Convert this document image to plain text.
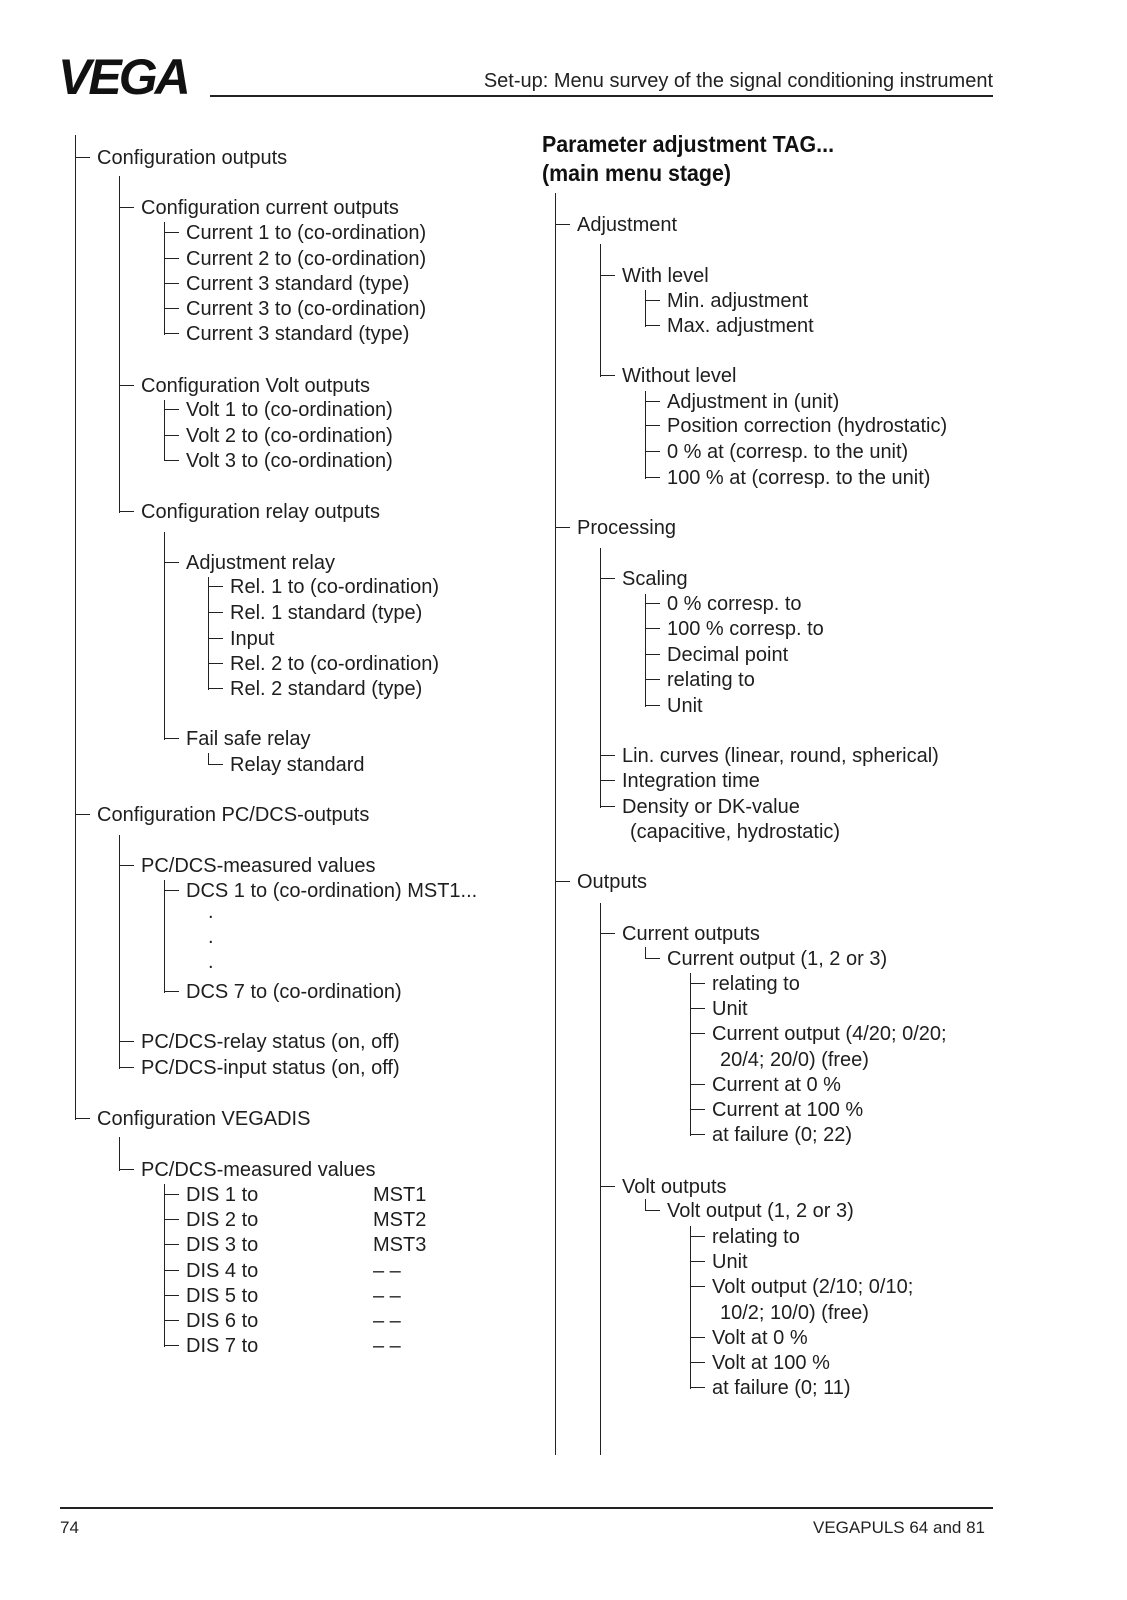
VEGA	Set-up: Menu survey of the signal conditioning instrument
Parameter adjustment TAG...
(main menu stage)
Configuration outputs
Configuration current outputs
Current 1 to (co-ordination)
Current 2 to (co-ordination)
Current 3 standard (type)
Current 3 to (co-ordination)
Current 3 standard (type)
Configuration Volt outputs
Volt 1 to (co-ordination)
Volt 2 to (co-ordination)
Volt 3 to (co-ordination)
Configuration relay outputs
Adjustment relay
Rel. 1 to (co-ordination)
Rel. 1 standard (type)
Input
Rel. 2 to (co-ordination)
Rel. 2 standard (type)
Fail safe relay
Relay standard
Configuration PC/DCS-outputs
PC/DCS-measured values
DCS 1 to (co-ordination) MST1...
.
.
.
DCS 7 to (co-ordination)
PC/DCS-relay status (on, off)
PC/DCS-input status (on, off)
Configuration VEGADIS
PC/DCS-measured values
DIS 1 to
DIS 2 to
DIS 3 to
DIS 4 to
DIS 5 to
DIS 6 to
DIS 7 to
MST1
MST2
MST3
– –
– –
– –
– –
Adjustment
With level
Min. adjustment
Max. adjustment
Without level
Adjustment in (unit)
Position correction (hydrostatic)
0 % at (corresp. to the unit)
100 % at (corresp. to the unit)
Processing
Scaling
0 % corresp. to
100 % corresp. to
Decimal point
relating to
Unit
Lin. curves (linear, round, spherical)
Integration time
Density or DK-value
(capacitive, hydrostatic)
Outputs
Current outputs
Current output (1, 2 or 3)
relating to
Unit
Current output (4/20; 0/20;
20/4; 20/0) (free)
Current at 0 %
Current at 100 %
at failure (0; 22)
Volt outputs
Volt output (1, 2 or 3)
relating to
Unit
Volt output (2/10; 0/10;
10/2; 10/0) (free)
Volt at 0 %
Volt at 100 %
at failure (0; 11)
74	VEGAPULS 64 and 81
